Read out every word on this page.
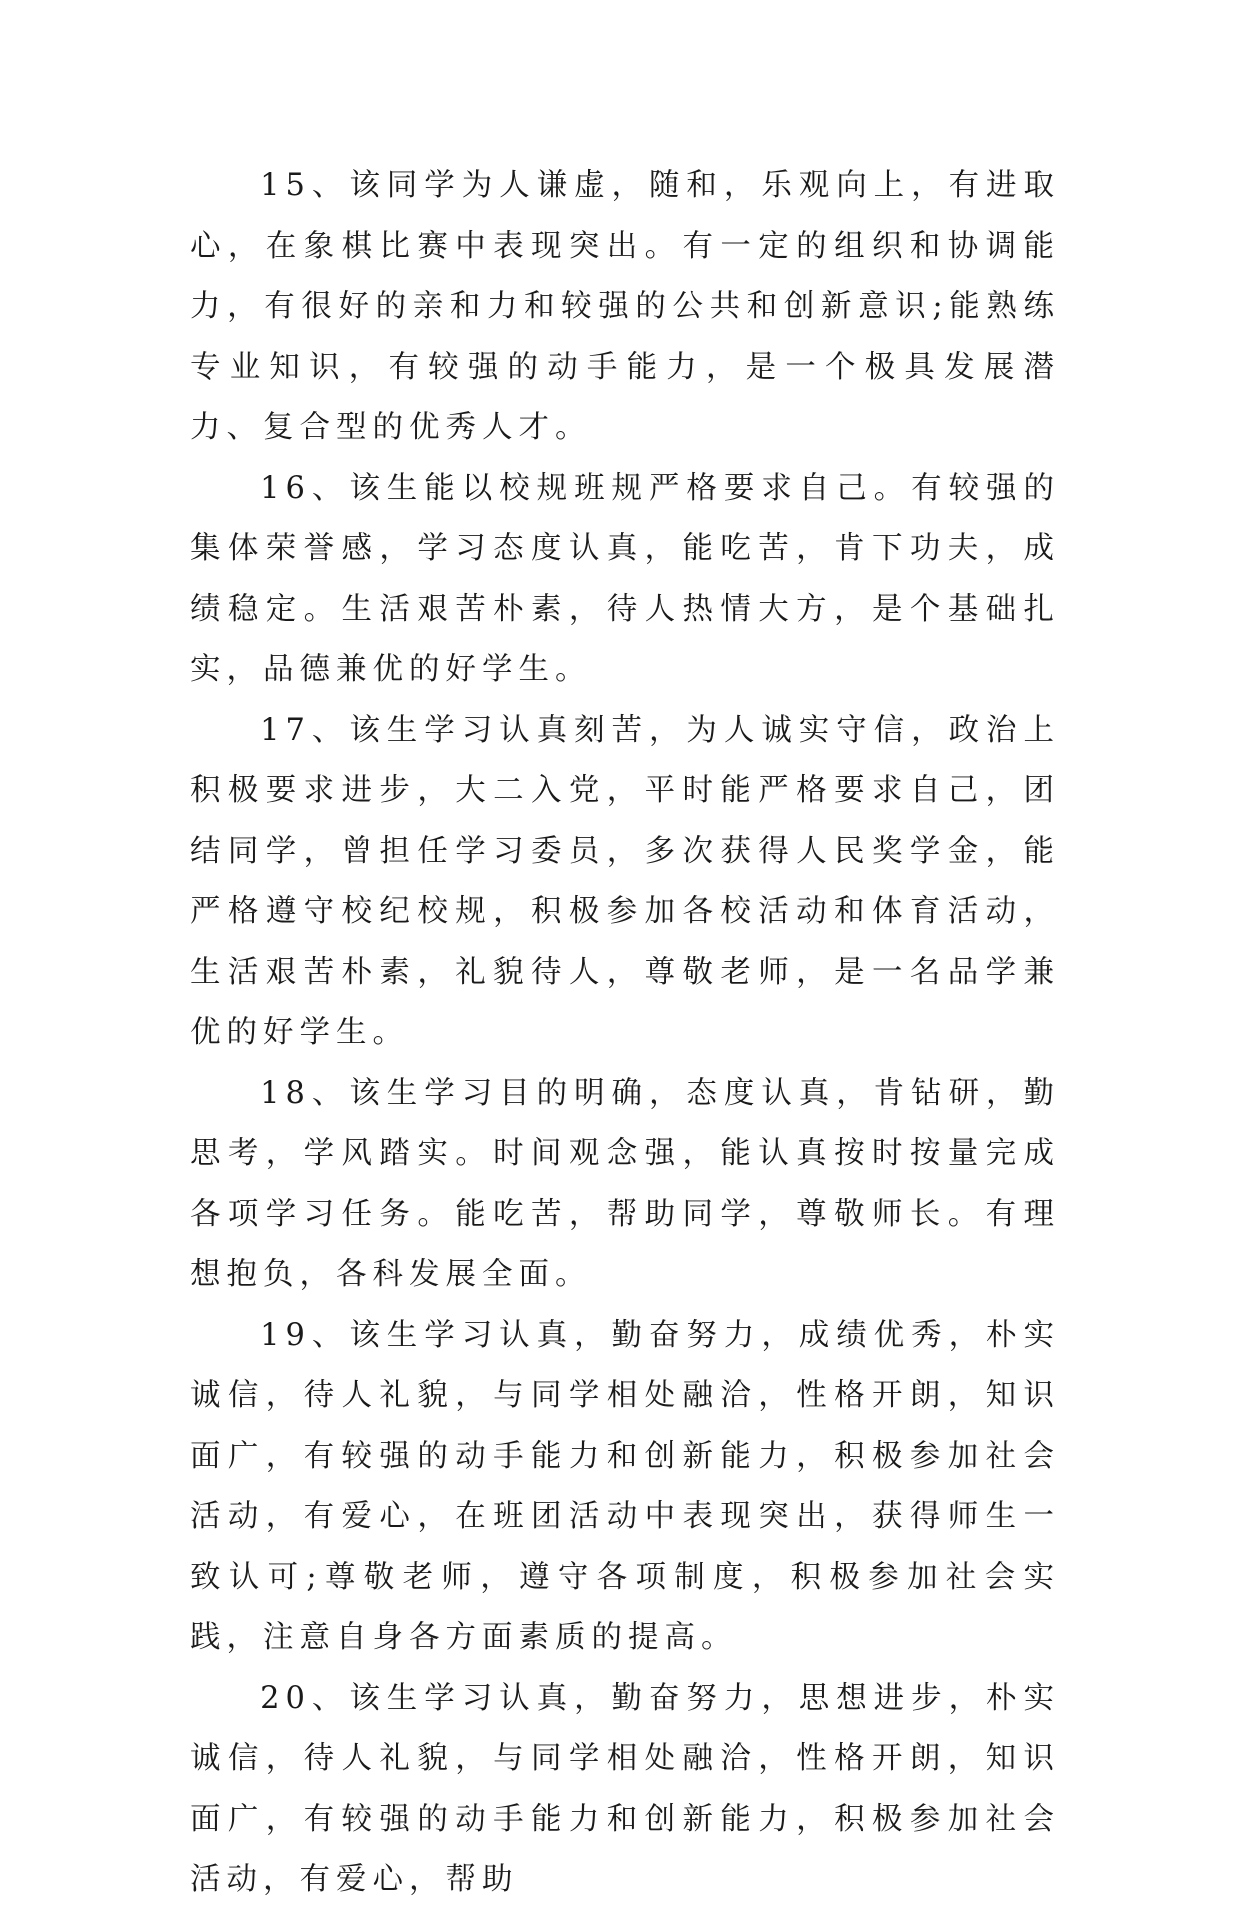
15、该同学为人谦虚，随和，乐观向上，有进取心，在象棋比赛中表现突出。有一定的组织和协调能力，有很好的亲和力和较强的公共和创新意识;能熟练专业知识，有较强的动手能力，是一个极具发展潜力、复合型的优秀人才。

16、该生能以校规班规严格要求自己。有较强的集体荣誉感，学习态度认真，能吃苦，肯下功夫，成绩稳定。生活艰苦朴素，待人热情大方，是个基础扎实，品德兼优的好学生。

17、该生学习认真刻苦，为人诚实守信，政治上积极要求进步，大二入党，平时能严格要求自己，团结同学，曾担任学习委员，多次获得人民奖学金，能严格遵守校纪校规，积极参加各校活动和体育活动，生活艰苦朴素，礼貌待人，尊敬老师，是一名品学兼优的好学生。

18、该生学习目的明确，态度认真，肯钻研，勤思考，学风踏实。时间观念强，能认真按时按量完成各项学习任务。能吃苦，帮助同学，尊敬师长。有理想抱负，各科发展全面。

19、该生学习认真，勤奋努力，成绩优秀，朴实诚信，待人礼貌，与同学相处融洽，性格开朗，知识面广，有较强的动手能力和创新能力，积极参加社会活动，有爱心，在班团活动中表现突出，获得师生一致认可;尊敬老师，遵守各项制度，积极参加社会实践，注意自身各方面素质的提高。

20、该生学习认真，勤奋努力，思想进步，朴实诚信，待人礼貌，与同学相处融洽，性格开朗，知识面广，有较强的动手能力和创新能力，积极参加社会活动，有爱心，帮助
